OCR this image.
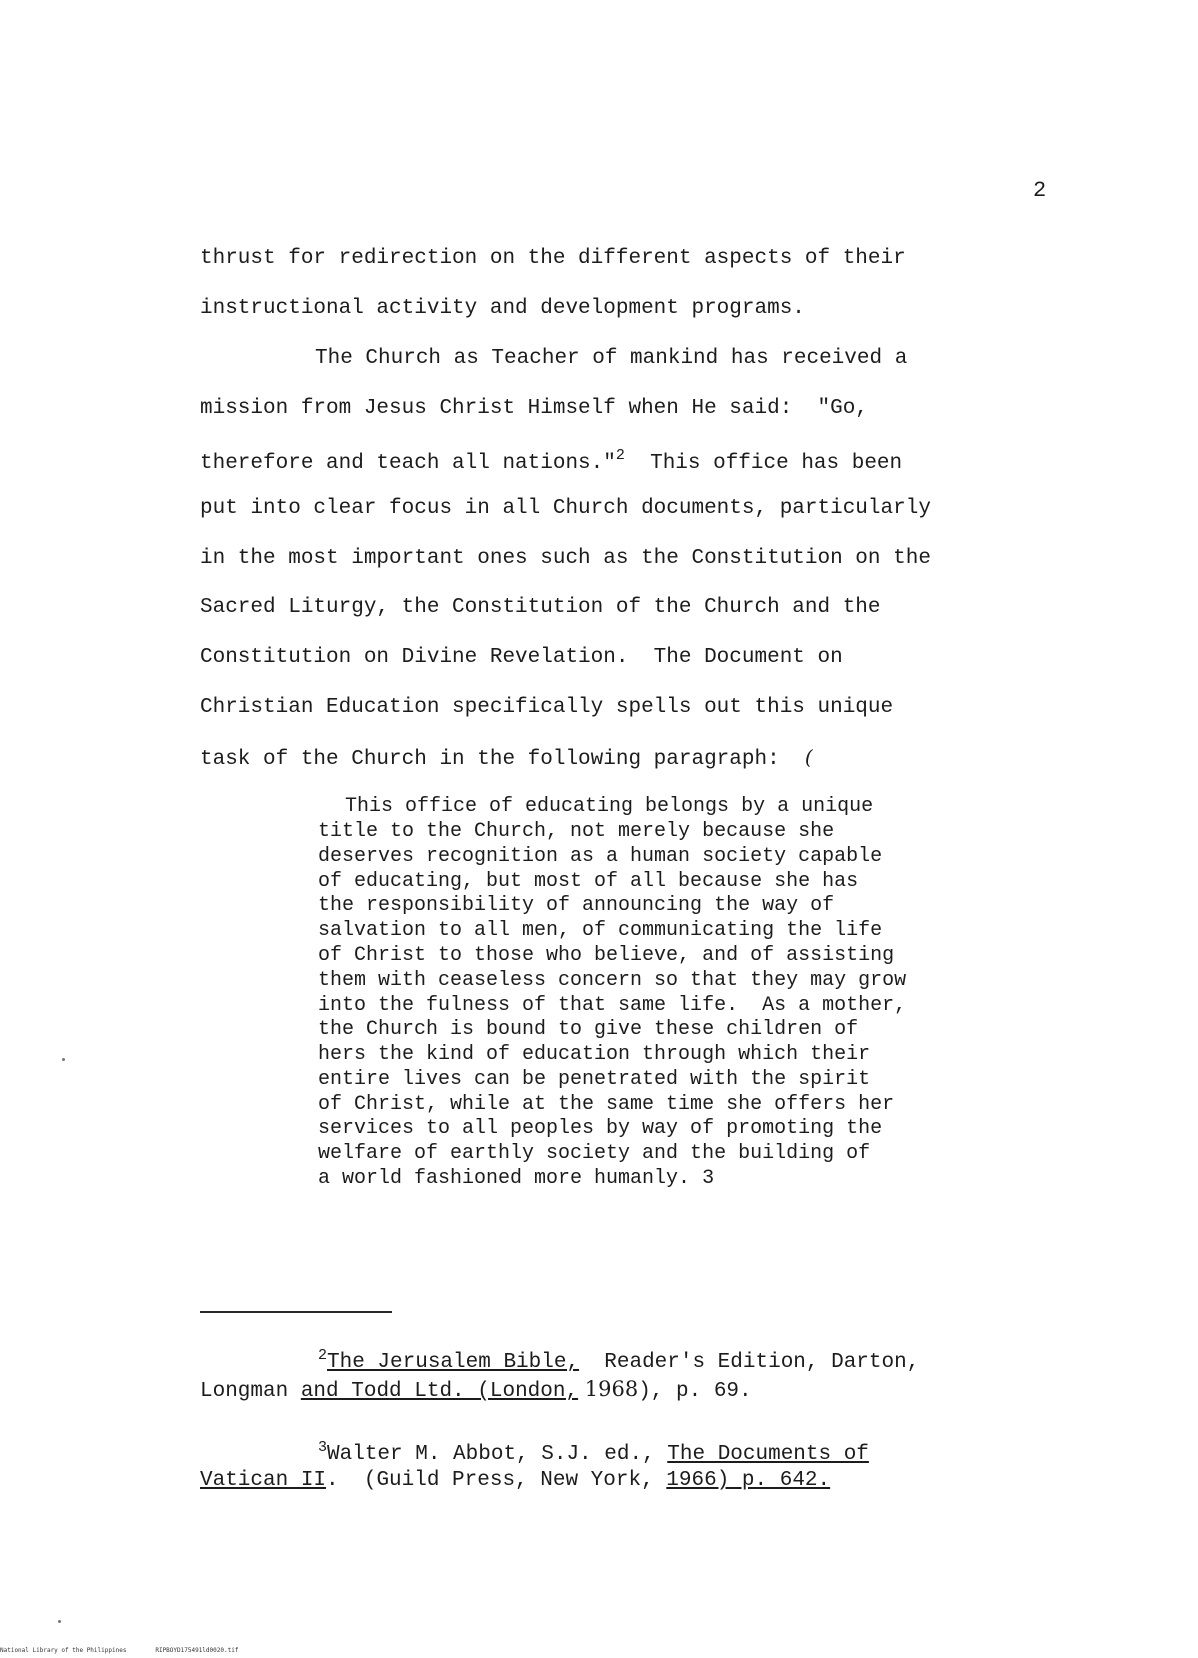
2
thrust for redirection on the different aspects of their
instructional activity and development programs.
The Church as Teacher of mankind has received a
mission from Jesus Christ Himself when He said:  "Go,
therefore and teach all nations."$^2$  This office has been
put into clear focus in all Church documents, particularly
in the most important ones such as the Constitution on the
Sacred Liturgy, the Constitution of the Church and the
Constitution on Divine Revelation.  The Document on
Christian Education specifically spells out this unique
task of the Church in the following paragraph: (
This office of educating belongs by a unique
title to the Church, not merely because she
deserves recognition as a human society capable
of educating, but most of all because she has
the responsibility of announcing the way of
salvation to all men, of communicating the life
of Christ to those who believe, and of assisting
them with ceaseless concern so that they may grow
into the fulness of that same life.  As a mother,
the Church is bound to give these children of
hers the kind of education through which their
entire lives can be penetrated with the spirit
of Christ, while at the same time she offers her
services to all peoples by way of promoting the
welfare of earthly society and the building of
a world fashioned more humanly. 3
$^2$The Jerusalem Bible,  Reader's Edition, Darton,
Longman and Todd Ltd. (London, 1968), p. 69.
$^3$Walter M. Abbot, S.J. ed., The Documents of
Vatican II.  (Guild Press, New York, 1966) p. 642.
National Library of the Philippines	RIPBOYD175491ld0020.tif
